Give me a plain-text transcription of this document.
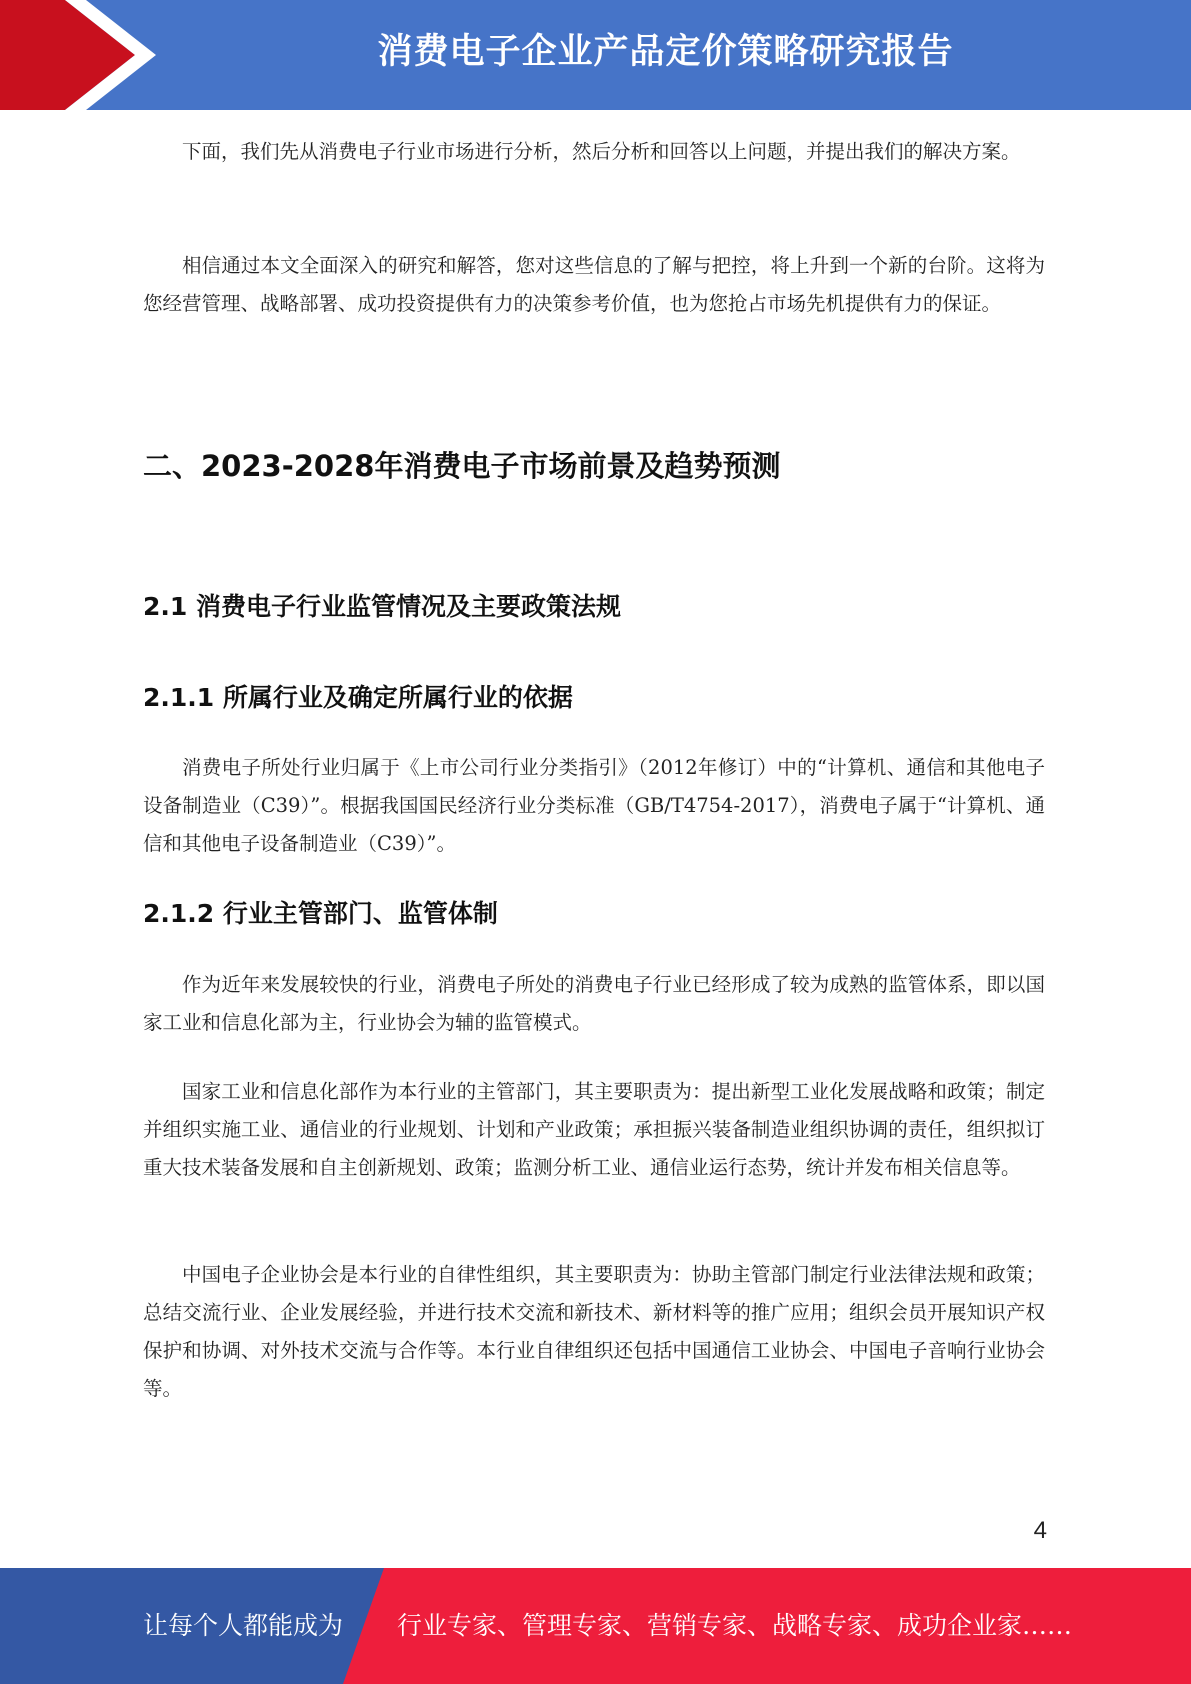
消费电子企业产品定价策略研究报告

下面，我们先从消费电子行业市场进行分析，然后分析和回答以上问题，并提出我们的解决方案。

相信通过本文全面深入的研究和解答，您对这些信息的了解与把控，将上升到一个新的台阶。这将为您经营管理、战略部署、成功投资提供有力的决策参考价值，也为您抢占市场先机提供有力的保证。

二、2023-2028年消费电子市场前景及趋势预测
2.1 消费电子行业监管情况及主要政策法规
2.1.1 所属行业及确定所属行业的依据

消费电子所处行业归属于《上市公司行业分类指引》（2012年修订）中的“计算机、通信和其他电子设备制造业（C39）”。根据我国国民经济行业分类标准（GB/T4754-2017），消费电子属于“计算机、通信和其他电子设备制造业（C39）”。

2.1.2 行业主管部门、监管体制

作为近年来发展较快的行业，消费电子所处的消费电子行业已经形成了较为成熟的监管体系，即以国家工业和信息化部为主，行业协会为辅的监管模式。

国家工业和信息化部作为本行业的主管部门，其主要职责为：提出新型工业化发展战略和政策；制定并组织实施工业、通信业的行业规划、计划和产业政策；承担振兴装备制造业组织协调的责任，组织拟订重大技术装备发展和自主创新规划、政策；监测分析工业、通信业运行态势，统计并发布相关信息等。

中国电子企业协会是本行业的自律性组织，其主要职责为：协助主管部门制定行业法律法规和政策；总结交流行业、企业发展经验，并进行技术交流和新技术、新材料等的推广应用；组织会员开展知识产权保护和协调、对外技术交流与合作等。本行业自律组织还包括中国通信工业协会、中国电子音响行业协会等。

4
让每个人都能成为 行业专家、管理专家、营销专家、战略专家、成功企业家……
